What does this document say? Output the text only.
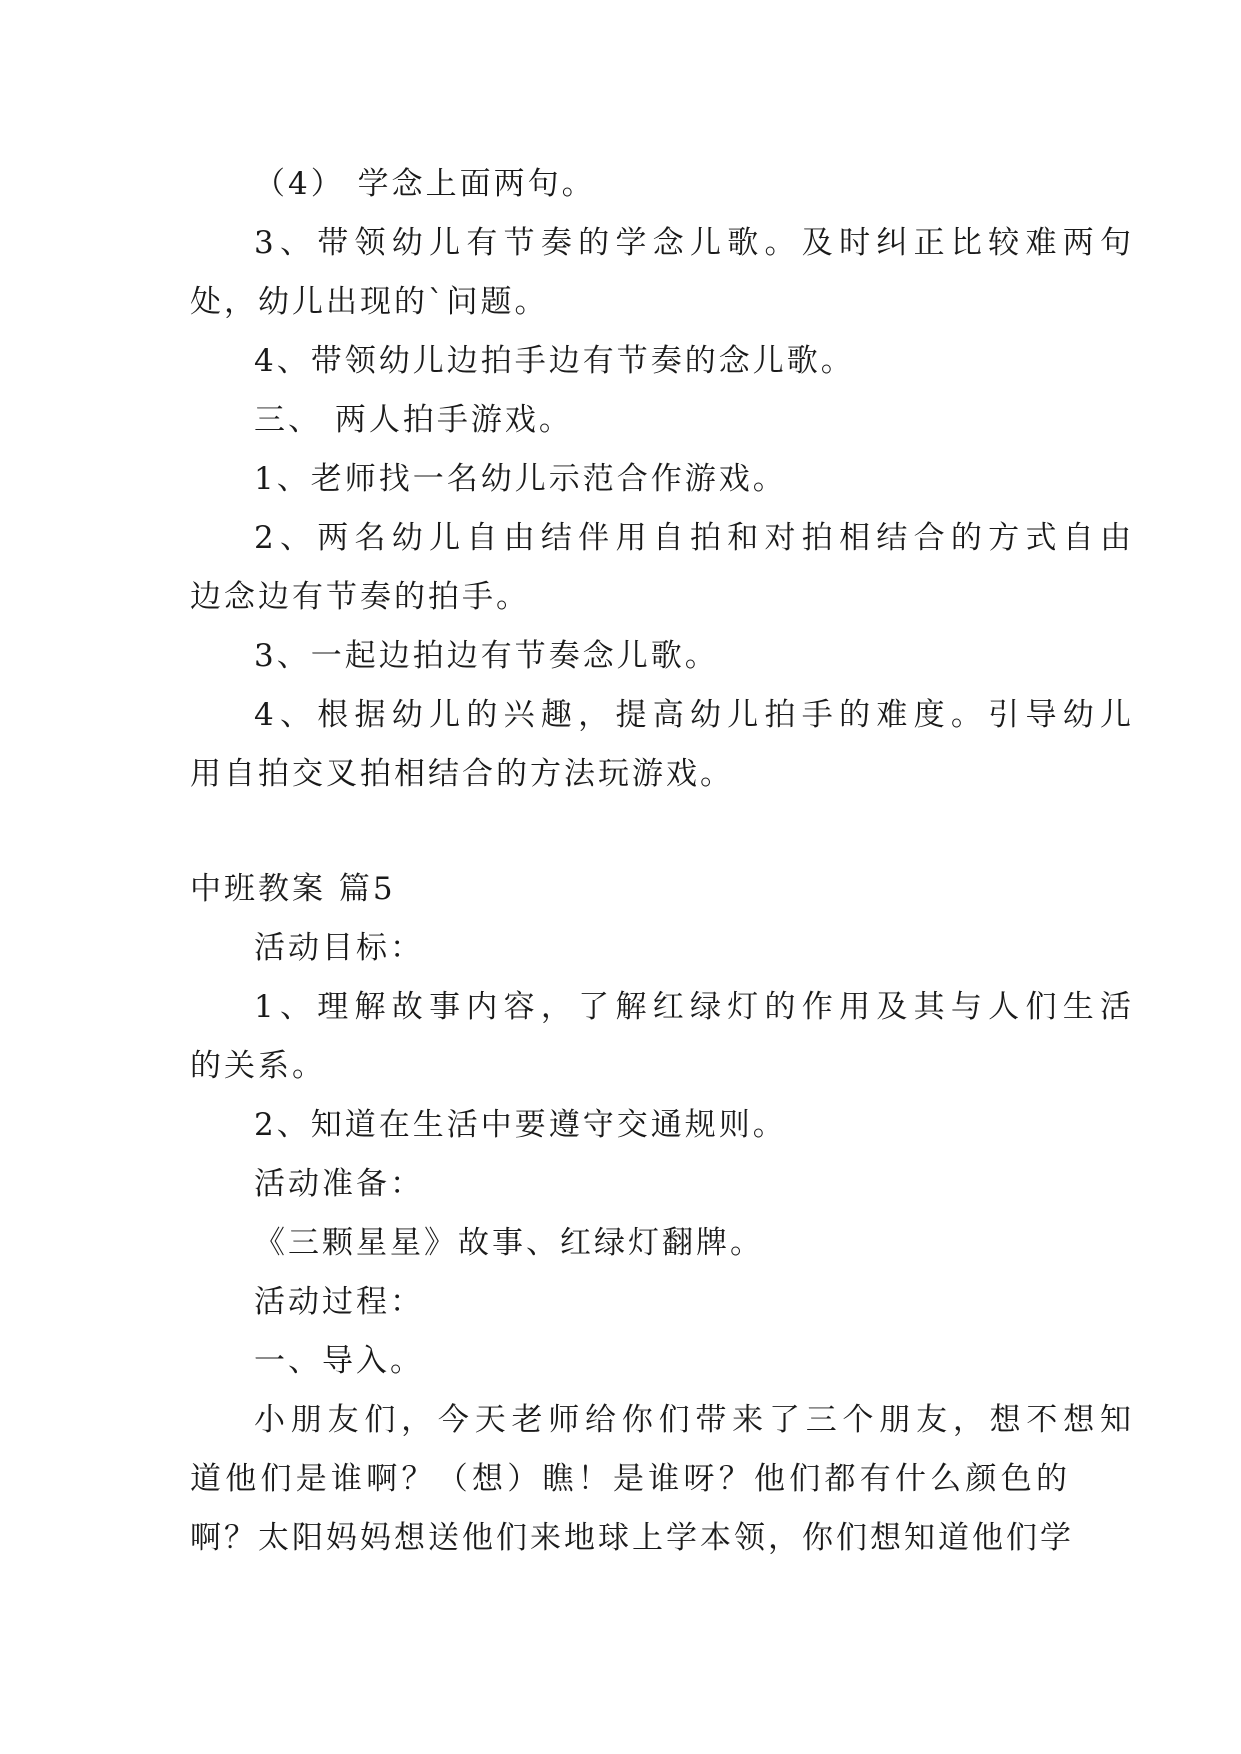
（4） 学念上面两句。
3、带领幼儿有节奏的学念儿歌。及时纠正比较难两句
处，幼儿出现的`问题。
4、带领幼儿边拍手边有节奏的念儿歌。
三、 两人拍手游戏。
1、老师找一名幼儿示范合作游戏。
2、两名幼儿自由结伴用自拍和对拍相结合的方式自由
边念边有节奏的拍手。
3、一起边拍边有节奏念儿歌。
4、根据幼儿的兴趣，提高幼儿拍手的难度。引导幼儿
用自拍交叉拍相结合的方法玩游戏。
中班教案 篇5
活动目标：
1、理解故事内容，了解红绿灯的作用及其与人们生活
的关系。
2、知道在生活中要遵守交通规则。
活动准备：
《三颗星星》故事、红绿灯翻牌。
活动过程：
一、导入。
小朋友们，今天老师给你们带来了三个朋友，想不想知
道他们是谁啊？（想）瞧！是谁呀？他们都有什么颜色的
啊？太阳妈妈想送他们来地球上学本领，你们想知道他们学
